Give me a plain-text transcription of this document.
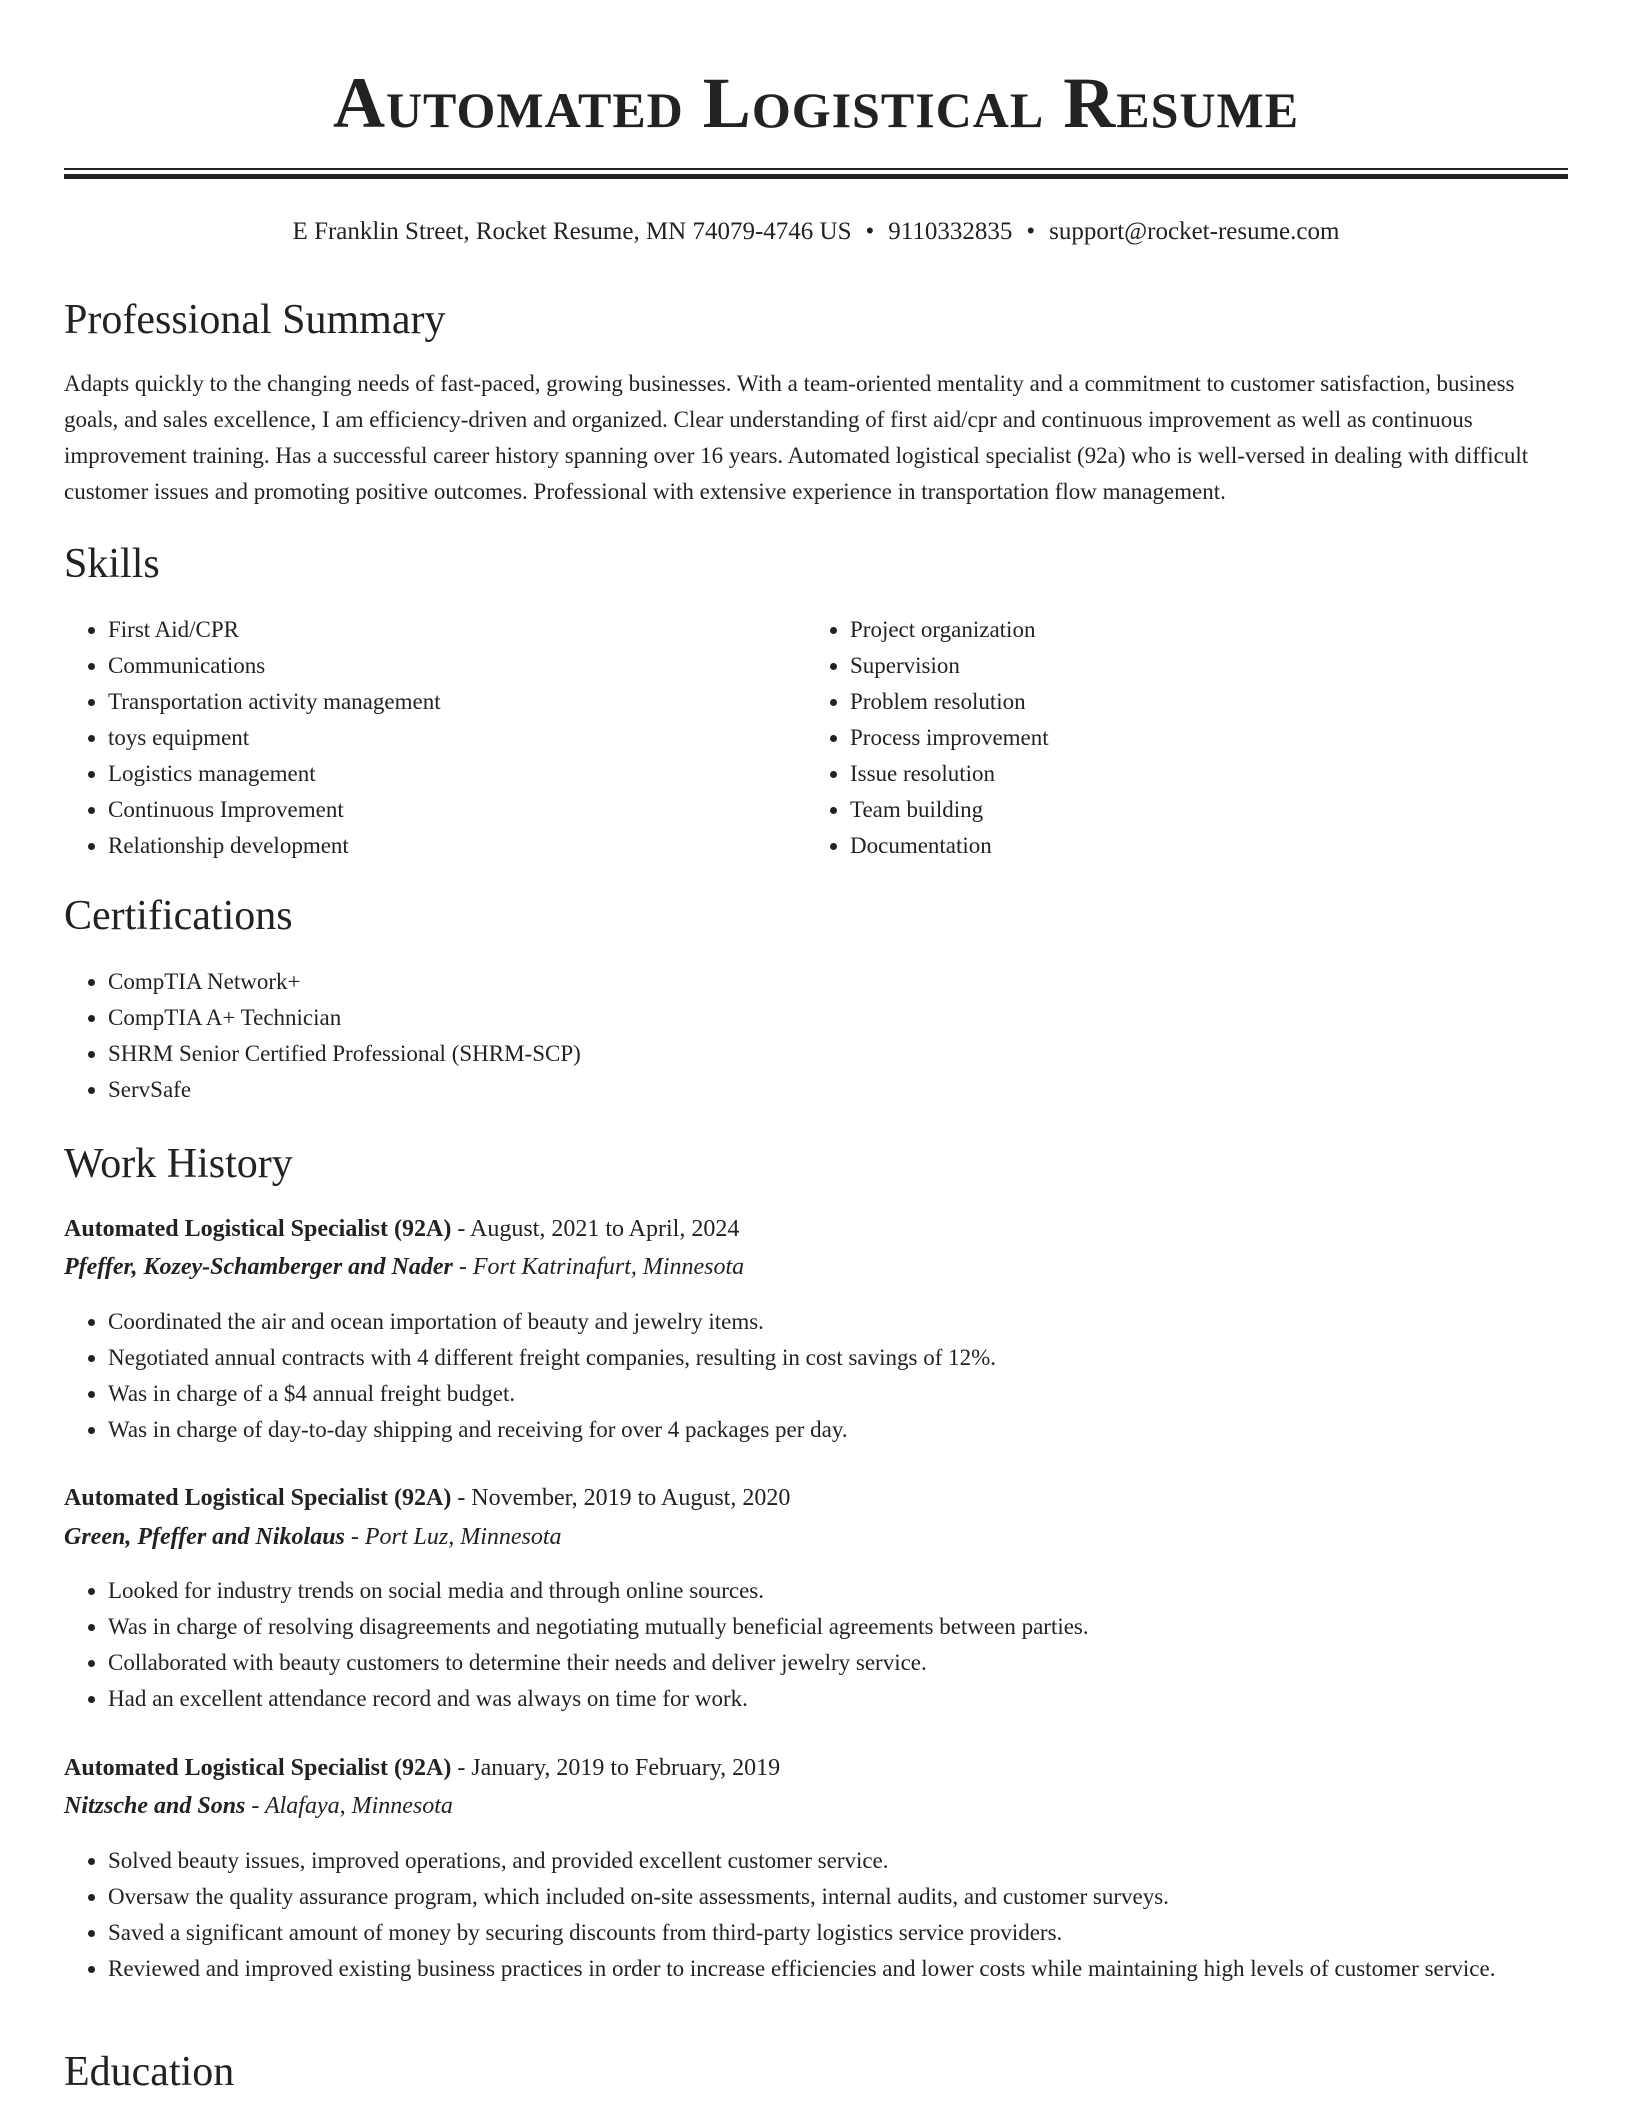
Automated Logistical Resume
E Franklin Street, Rocket Resume, MN 74079-4746 US • 9110332835 • support@rocket-resume.com
Professional Summary

Adapts quickly to the changing needs of fast-paced, growing businesses. With a team-oriented mentality and a commitment to customer satisfaction, business goals, and sales excellence, I am efficiency-driven and organized. Clear understanding of first aid/cpr and continuous improvement as well as continuous improvement training. Has a successful career history spanning over 16 years. Automated logistical specialist (92a) who is well-versed in dealing with difficult customer issues and promoting positive outcomes. Professional with extensive experience in transportation flow management.

Skills
• First Aid/CPR
• Communications
• Transportation activity management
• toys equipment
• Logistics management
• Continuous Improvement
• Relationship development
• Project organization
• Supervision
• Problem resolution
• Process improvement
• Issue resolution
• Team building
• Documentation
Certifications
• CompTIA Network+
• CompTIA A+ Technician
• SHRM Senior Certified Professional (SHRM-SCP)
• ServSafe
Work History
Automated Logistical Specialist (92A) - August, 2021 to April, 2024
Pfeffer, Kozey-Schamberger and Nader - Fort Katrinafurt, Minnesota
• Coordinated the air and ocean importation of beauty and jewelry items.
• Negotiated annual contracts with 4 different freight companies, resulting in cost savings of 12%.
• Was in charge of a $4 annual freight budget.
• Was in charge of day-to-day shipping and receiving for over 4 packages per day.
Automated Logistical Specialist (92A) - November, 2019 to August, 2020
Green, Pfeffer and Nikolaus - Port Luz, Minnesota
• Looked for industry trends on social media and through online sources.
• Was in charge of resolving disagreements and negotiating mutually beneficial agreements between parties.
• Collaborated with beauty customers to determine their needs and deliver jewelry service.
• Had an excellent attendance record and was always on time for work.
Automated Logistical Specialist (92A) - January, 2019 to February, 2019
Nitzsche and Sons - Alafaya, Minnesota
• Solved beauty issues, improved operations, and provided excellent customer service.
• Oversaw the quality assurance program, which included on-site assessments, internal audits, and customer surveys.
• Saved a significant amount of money by securing discounts from third-party logistics service providers.
• Reviewed and improved existing business practices in order to increase efficiencies and lower costs while maintaining high levels of customer service.
Education
